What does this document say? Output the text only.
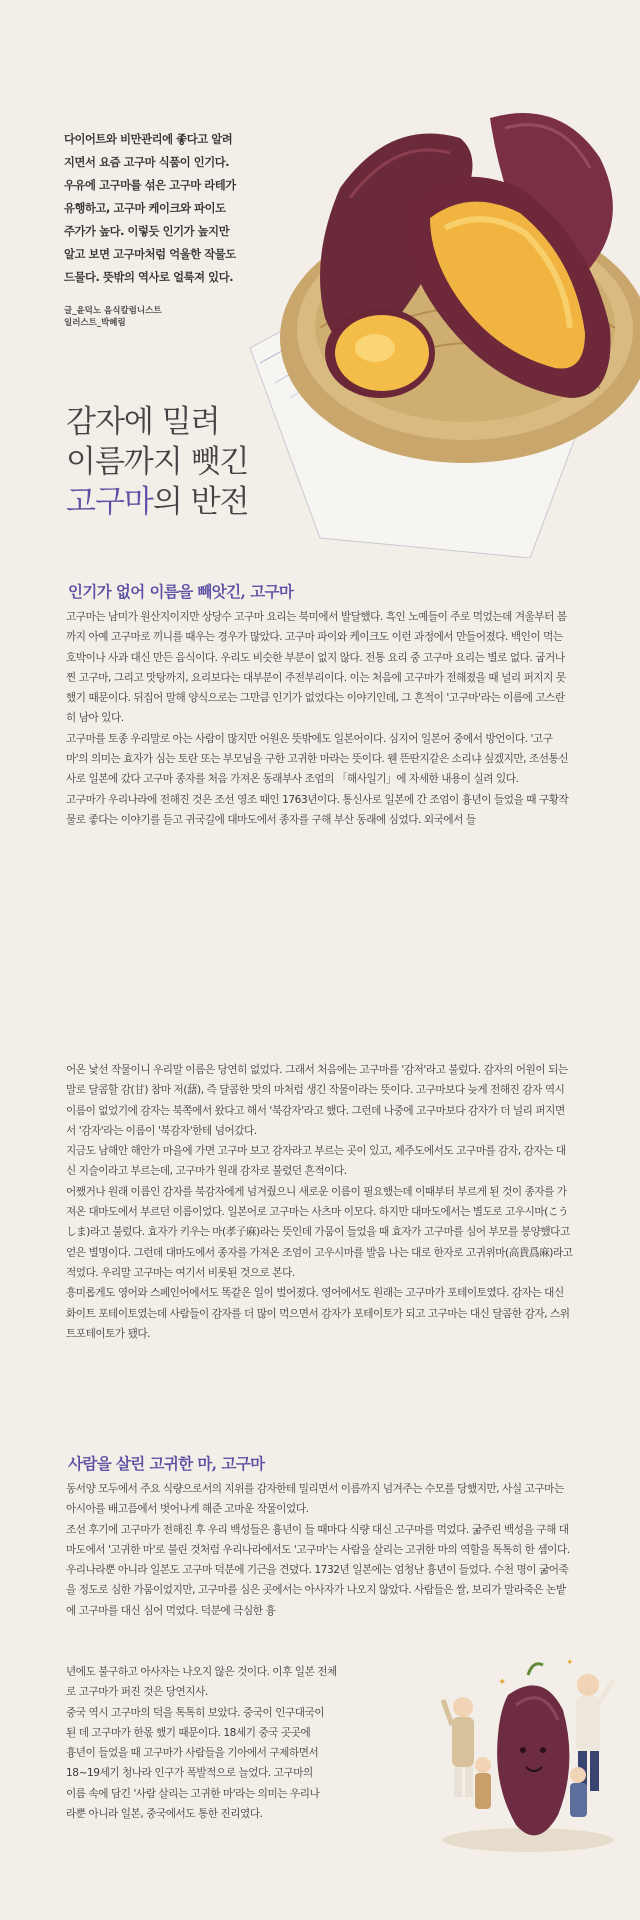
다이어트와 비만관리에 좋다고 알려
지면서 요즘 고구마 식품이 인기다.
우유에 고구마를 섞은 고구마 라테가
유행하고, 고구마 케이크와 파이도
주가가 높다. 이렇듯 인기가 높지만
알고 보면 고구마처럼 억울한 작물도
드물다. 뜻밖의 역사로 얼룩져 있다.
글_윤덕노 음식칼럼니스트
일러스트_박혜림
감자에 밀려
이름까지 뺏긴
고구마의 반전
인기가 없어 이름을 빼앗긴, 고구마

고구마는 남미가 원산지이지만 상당수 고구마 요리는 북미에서 발달했다. 흑인 노예들이 주로 먹었는데 겨울부터 봄까지 아예 고구마로 끼니를 때우는 경우가 많았다. 고구마 파이와 케이크도 이런 과정에서 만들어졌다. 백인이 먹는 호박이나 사과 대신 만든 음식이다. 우리도 비슷한 부분이 없지 않다. 전통 요리 중 고구마 요리는 별로 없다. 굽거나 찐 고구마, 그리고 맛탕까지, 요리보다는 대부분이 주전부리이다. 이는 처음에 고구마가 전해졌을 때 널리 퍼지지 못했기 때문이다. 뒤집어 말해 양식으로는 그만큼 인기가 없었다는 이야기인데, 그 흔적이 '고구마'라는 이름에 고스란히 남아 있다.

고구마를 토종 우리말로 아는 사람이 많지만 어원은 뜻밖에도 일본어이다. 심지어 일본어 중에서 방언이다. '고구마'의 의미는 효자가 심는 토란 또는 부모님을 구한 고귀한 마라는 뜻이다. 웬 뜬딴지같은 소리냐 싶겠지만, 조선통신사로 일본에 갔다 고구마 종자를 처음 가져온 동래부사 조엄의 「해사일기」에 자세한 내용이 실려 있다.

고구마가 우리나라에 전해진 것은 조선 영조 때인 1763년이다. 통신사로 일본에 간 조엄이 흉년이 들었을 때 구황작물로 좋다는 이야기를 듣고 귀국길에 대마도에서 종자를 구해 부산 동래에 심었다. 외국에서 들

어온 낯선 작물이니 우리말 이름은 당연히 없었다. 그래서 처음에는 고구마를 '감저'라고 불렀다. 감자의 어원이 되는 말로 달콤할 감(甘) 참마 저(藷), 즉 달콤한 맛의 마처럼 생긴 작물이라는 뜻이다. 고구마보다 늦게 전해진 감자 역시 이름이 없었기에 감자는 북쪽에서 왔다고 해서 '북감자'라고 했다. 그런데 나중에 고구마보다 감자가 더 널리 퍼지면서 '감자'라는 이름이 '북감자'한테 넘어갔다.

지금도 남해안 해안가 마을에 가면 고구마 보고 감자라고 부르는 곳이 있고, 제주도에서도 고구마를 감자, 감자는 대신 지슬이라고 부르는데, 고구마가 원래 감자로 불렸던 흔적이다.

어쨌거나 원래 이름인 감자를 북감자에게 넘겨줬으니 새로운 이름이 필요했는데 이때부터 부르게 된 것이 종자를 가져온 대마도에서 부르던 이름이었다. 일본어로 고구마는 사츠마 이모다. 하지만 대마도에서는 별도로 고우시마(こうしま)라고 불렀다. 효자가 키우는 마(孝子麻)라는 뜻인데 가뭄이 들었을 때 효자가 고구마를 심어 부모를 봉양했다고 얻은 별명이다. 그런데 대마도에서 종자를 가져온 조엄이 고우시마를 발음 나는 대로 한자로 고귀위마(高貴爲麻)라고 적었다. 우리말 고구마는 여기서 비롯된 것으로 본다.

흥미롭게도 영어와 스페인어에서도 똑같은 일이 벌어졌다. 영어에서도 원래는 고구마가 포테이토였다. 감자는 대신 화이트 포테이토였는데 사람들이 감자를 더 많이 먹으면서 감자가 포테이토가 되고 고구마는 대신 달콤한 감자, 스위트포테이토가 됐다.

사람을 살린 고귀한 마, 고구마

동서양 모두에서 주요 식량으로서의 지위를 감자한테 밀리면서 이름까지 넘겨주는 수모를 당했지만, 사실 고구마는 아시아를 배고픔에서 벗어나게 해준 고마운 작물이었다.

조선 후기에 고구마가 전해진 후 우리 백성들은 흉년이 들 때마다 식량 대신 고구마를 먹었다. 굶주린 백성을 구해 대마도에서 '고귀한 마'로 불린 것처럼 우리나라에서도 '고구마'는 사람을 살리는 고귀한 마의 역할을 톡톡히 한 셈이다.

우리나라뿐 아니라 일본도 고구마 덕분에 기근을 견뎠다. 1732년 일본에는 엄청난 흉년이 들었다. 수천 명이 굶어죽을 정도로 심한 가뭄이었지만, 고구마를 심은 곳에서는 아사자가 나오지 않았다. 사람들은 쌀, 보리가 말라죽은 논밭에 고구마를 대신 심어 먹었다. 덕분에 극심한 흉

년에도 불구하고 아사자는 나오지 않은 것이다. 이후 일본 전체
로 고구마가 퍼진 것은 당연지사.
중국 역시 고구마의 덕을 톡톡히 보았다. 중국이 인구대국이
된 데 고구마가 한몫 했기 때문이다. 18세기 중국 곳곳에
흉년이 들었을 때 고구마가 사람들을 기아에서 구제하면서
18~19세기 청나라 인구가 폭발적으로 늘었다. 고구마의
이름 속에 담긴 '사람 살리는 고귀한 마'라는 의미는 우리나
라뿐 아니라 일본, 중국에서도 통한 진리였다.
✦
✦
